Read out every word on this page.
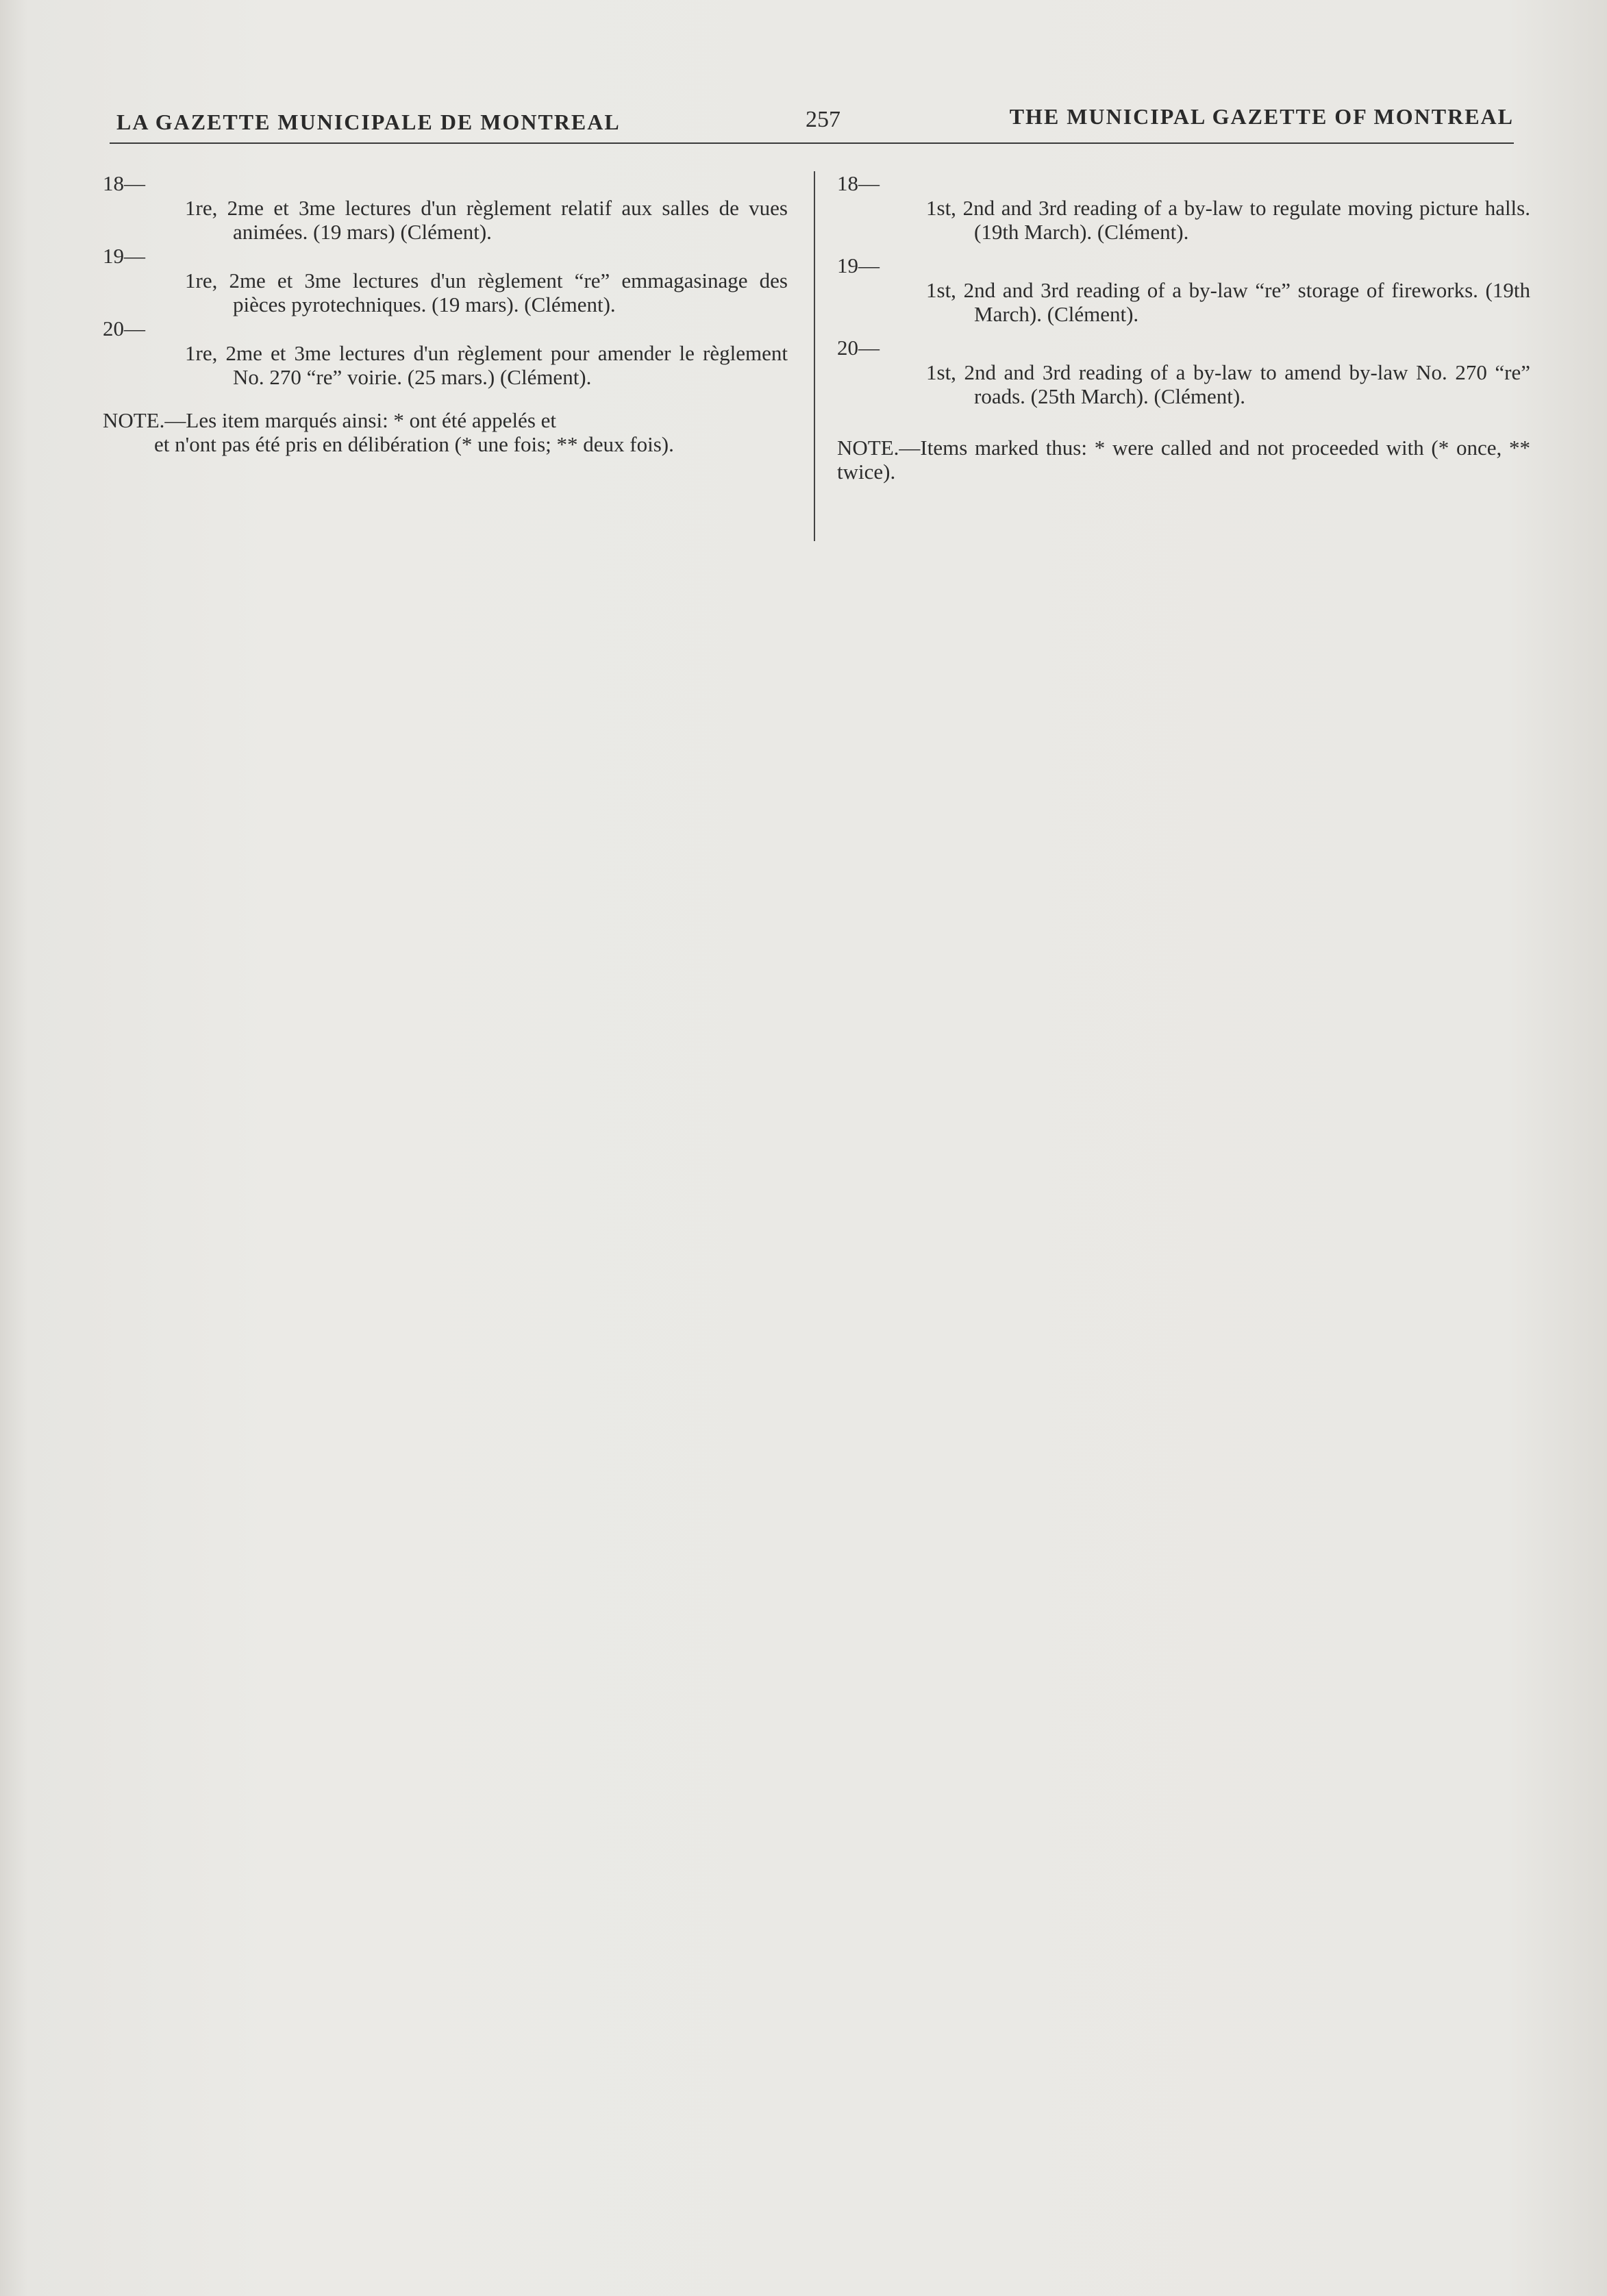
LA GAZETTE MUNICIPALE DE MONTREAL	257	THE MUNICIPAL GAZETTE OF MONTREAL
18—
1re, 2me et 3me lectures d'un règlement relatif aux salles de vues animées. (19 mars) (Clément).
19—
1re, 2me et 3me lectures d'un règlement “re” emmagasinage des pièces pyrotechniques. (19 mars). (Clément).
20—
1re, 2me et 3me lectures d'un règlement pour amender le règlement No. 270 “re” voirie. (25 mars.) (Clément).
NOTE.—Les item marqués ainsi: * ont été appelés et
et n'ont pas été pris en délibération (* une fois; ** deux fois).
18—
1st, 2nd and 3rd reading of a by-law to regulate moving picture halls. (19th March). (Clément).
19—
1st, 2nd and 3rd reading of a by-law “re” storage of fireworks. (19th March). (Clément).
20—
1st, 2nd and 3rd reading of a by-law to amend by-law No. 270 “re” roads. (25th March). (Clément).
NOTE.—Items marked thus: * were called and not proceeded with (* once, ** twice).
